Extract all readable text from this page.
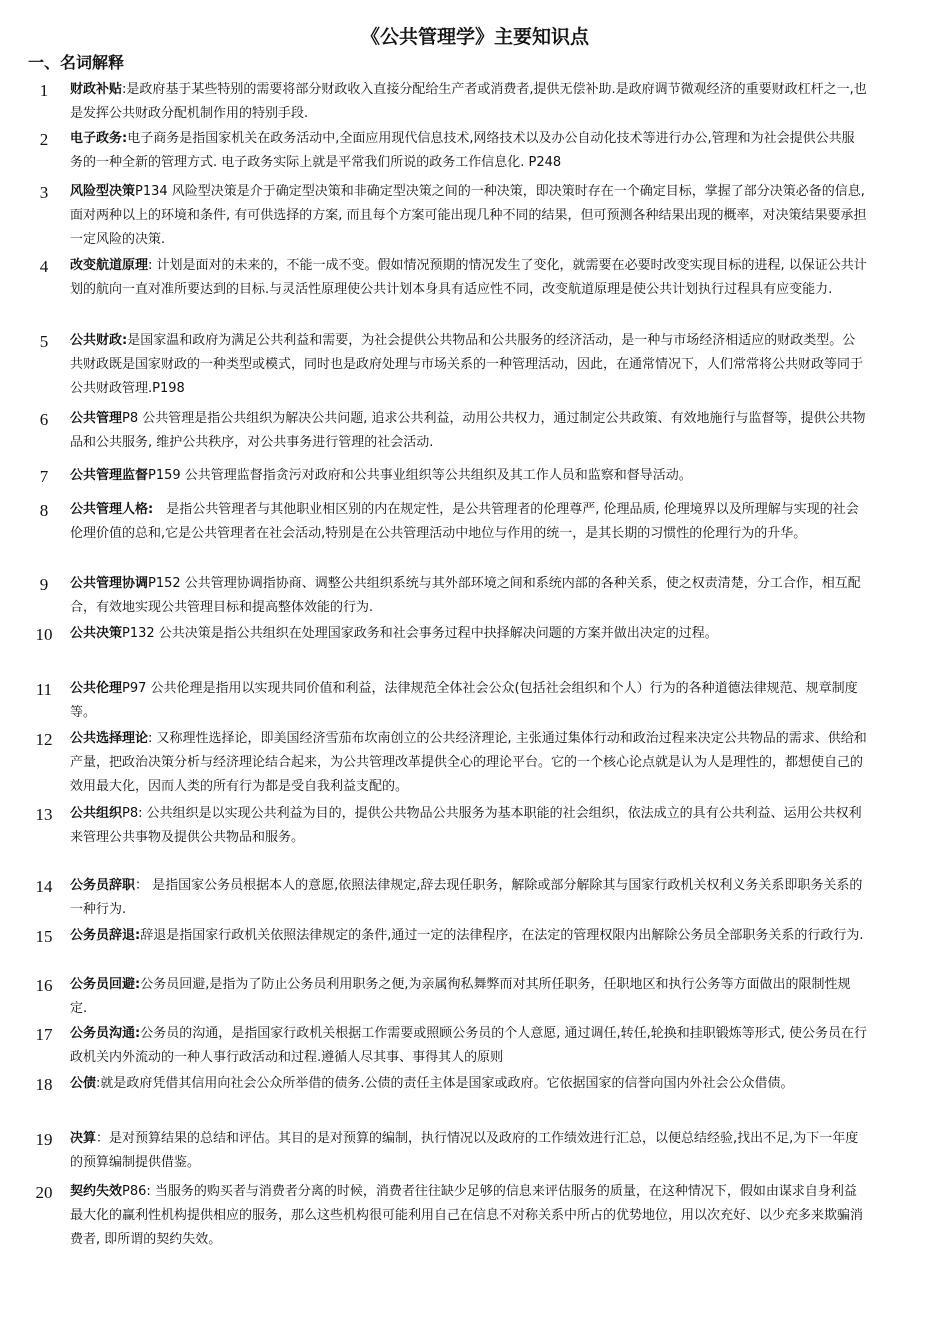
《公共管理学》主要知识点
一、名词解释
1	财政补贴:是政府基于某些特别的需要将部分财政收入直接分配给生产者或消费者,提供无偿补助.是政府调节微观经济的重要财政杠杆之一,也是发挥公共财政分配机制作用的特别手段.
2	电子政务:电子商务是指国家机关在政务活动中,全面应用现代信息技术,网络技术以及办公自动化技术等进行办公,管理和为社会提供公共服务的一种全新的管理方式. 电子政务实际上就是平常我们所说的政务工作信息化. P248
3	风险型决策P134 风险型决策是介于确定型决策和非确定型决策之间的一种决策，即决策时存在一个确定目标，掌握了部分决策必备的信息, 面对两种以上的环境和条件, 有可供选择的方案, 而且每个方案可能出现几种不同的结果，但可预测各种结果出现的概率，对决策结果要承担一定风险的决策.
4	改变航道原理: 计划是面对的未来的，不能一成不变。假如情况预期的情况发生了变化，就需要在必要时改变实现目标的进程, 以保证公共计划的航向一直对准所要达到的目标.与灵活性原理使公共计划本身具有适应性不同，改变航道原理是使公共计划执行过程具有应变能力.
5	公共财政:是国家温和政府为满足公共利益和需要，为社会提供公共物品和公共服务的经济活动，是一种与市场经济相适应的财政类型。公共财政既是国家财政的一种类型或模式，同时也是政府处理与市场关系的一种管理活动，因此，在通常情况下，人们常常将公共财政等同于公共财政管理.P198
6	公共管理P8 公共管理是指公共组织为解决公共问题, 追求公共利益，动用公共权力，通过制定公共政策、有效地施行与监督等，提供公共物品和公共服务, 维护公共秩序，对公共事务进行管理的社会活动.
7	公共管理监督P159 公共管理监督指贪污对政府和公共事业组织等公共组织及其工作人员和监察和督导活动。
8	公共管理人格:　是指公共管理者与其他职业相区别的内在规定性，是公共管理者的伦理尊严, 伦理品质, 伦理境界以及所理解与实现的社会伦理价值的总和,它是公共管理者在社会活动,特别是在公共管理活动中地位与作用的统一，是其长期的习惯性的伦理行为的升华。
9	公共管理协调P152 公共管理协调指协商、调整公共组织系统与其外部环境之间和系统内部的各种关系，使之权责清楚，分工合作，相互配合，有效地实现公共管理目标和提高整体效能的行为.
10	公共决策P132 公共决策是指公共组织在处理国家政务和社会事务过程中抉择解决问题的方案并做出决定的过程。
11	公共伦理P97 公共伦理是指用以实现共同价值和利益，法律规范全体社会公众(包括社会组织和个人）行为的各种道德法律规范、规章制度等。
12	公共选择理论: 又称理性选择论，即美国经济雪茄布坎南创立的公共经济理论, 主张通过集体行动和政治过程来决定公共物品的需求、供给和产量，把政治决策分析与经济理论结合起来，为公共管理改革提供全心的理论平台。它的一个核心论点就是认为人是理性的，都想使自己的效用最大化，因而人类的所有行为都是受自我利益支配的。
13	公共组织P8: 公共组织是以实现公共利益为目的，提供公共物品公共服务为基本职能的社会组织，依法成立的具有公共利益、运用公共权利来管理公共事物及提供公共物品和服务。
14	公务员辞职： 是指国家公务员根据本人的意愿,依照法律规定,辞去现任职务，解除或部分解除其与国家行政机关权利义务关系即职务关系的一种行为.
15	公务员辞退:辞退是指国家行政机关依照法律规定的条件,通过一定的法律程序，在法定的管理权限内出解除公务员全部职务关系的行政行为.
16	公务员回避:公务员回避,是指为了防止公务员利用职务之便,为亲属徇私舞弊而对其所任职务，任职地区和执行公务等方面做出的限制性规定.
17	公务员沟通:公务员的沟通，是指国家行政机关根据工作需要或照顾公务员的个人意愿, 通过调任,转任,轮换和挂职锻炼等形式, 使公务员在行政机关内外流动的一种人事行政活动和过程.遵循人尽其事、事得其人的原则
18	公债:就是政府凭借其信用向社会公众所举借的债务.公债的责任主体是国家或政府。它依据国家的信誉向国内外社会公众借债。
19	决算：是对预算结果的总结和评估。其目的是对预算的编制，执行情况以及政府的工作绩效进行汇总，以便总结经验,找出不足,为下一年度的预算编制提供借鉴。
20	契约失效P86: 当服务的购买者与消费者分离的时候，消费者往往缺少足够的信息来评估服务的质量，在这种情况下，假如由谋求自身利益最大化的赢利性机构提供相应的服务，那么这些机构很可能利用自己在信息不对称关系中所占的优势地位，用以次充好、以少充多来欺骗消费者, 即所谓的契约失效。
